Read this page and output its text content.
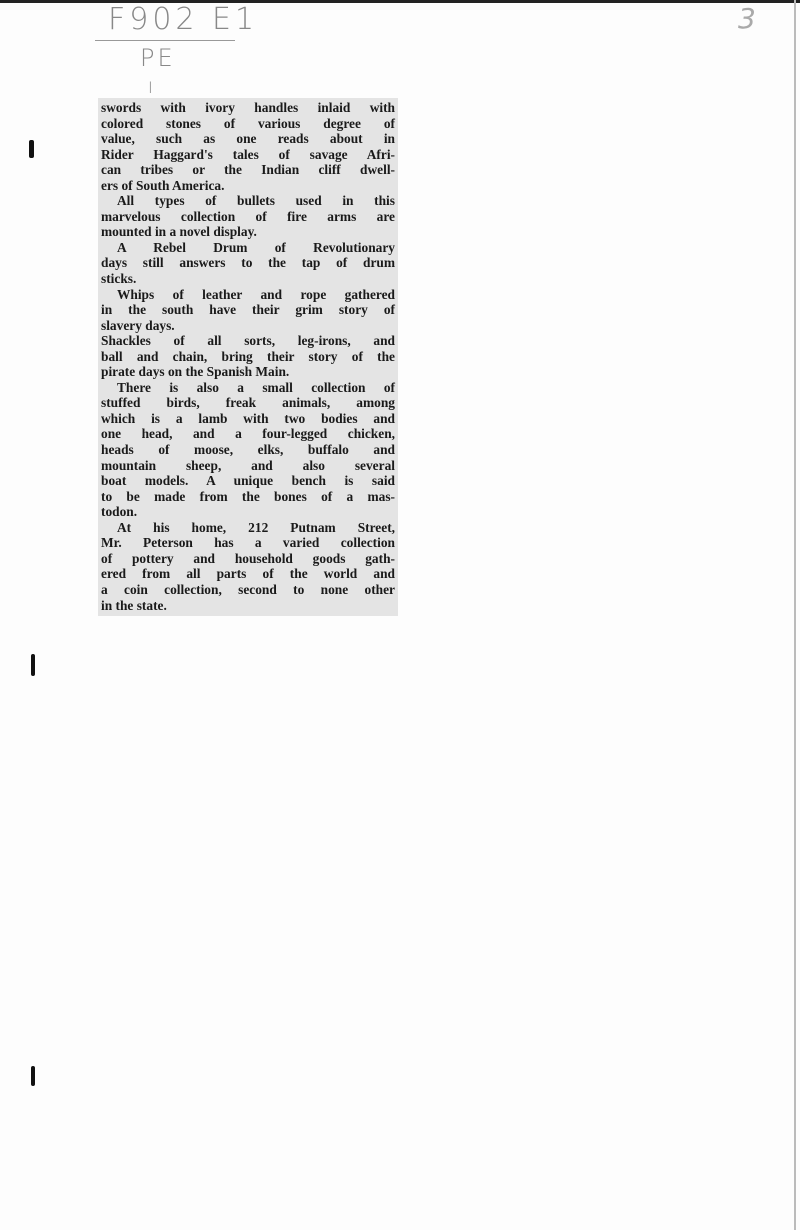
F902 E1
PE
I
3
swords with ivory handles inlaid with
colored stones of various degree of
value, such as one reads about in
Rider Haggard's tales of savage Afri-
can tribes or the Indian cliff dwell-
ers of South America.
All types of bullets used in this
marvelous collection of fire arms are
mounted in a novel display.
A Rebel Drum of Revolutionary
days still answers to the tap of drum
sticks.
Whips of leather and rope gathered
in the south have their grim story of
slavery days.
Shackles of all sorts, leg-irons, and
ball and chain, bring their story of the
pirate days on the Spanish Main.
There is also a small collection of
stuffed birds, freak animals, among
which is a lamb with two bodies and
one head, and a four-legged chicken,
heads of moose, elks, buffalo and
mountain sheep, and also several
boat models. A unique bench is said
to be made from the bones of a mas-
todon.
At his home, 212 Putnam Street,
Mr. Peterson has a varied collection
of pottery and household goods gath-
ered from all parts of the world and
a coin collection, second to none other
in the state.
